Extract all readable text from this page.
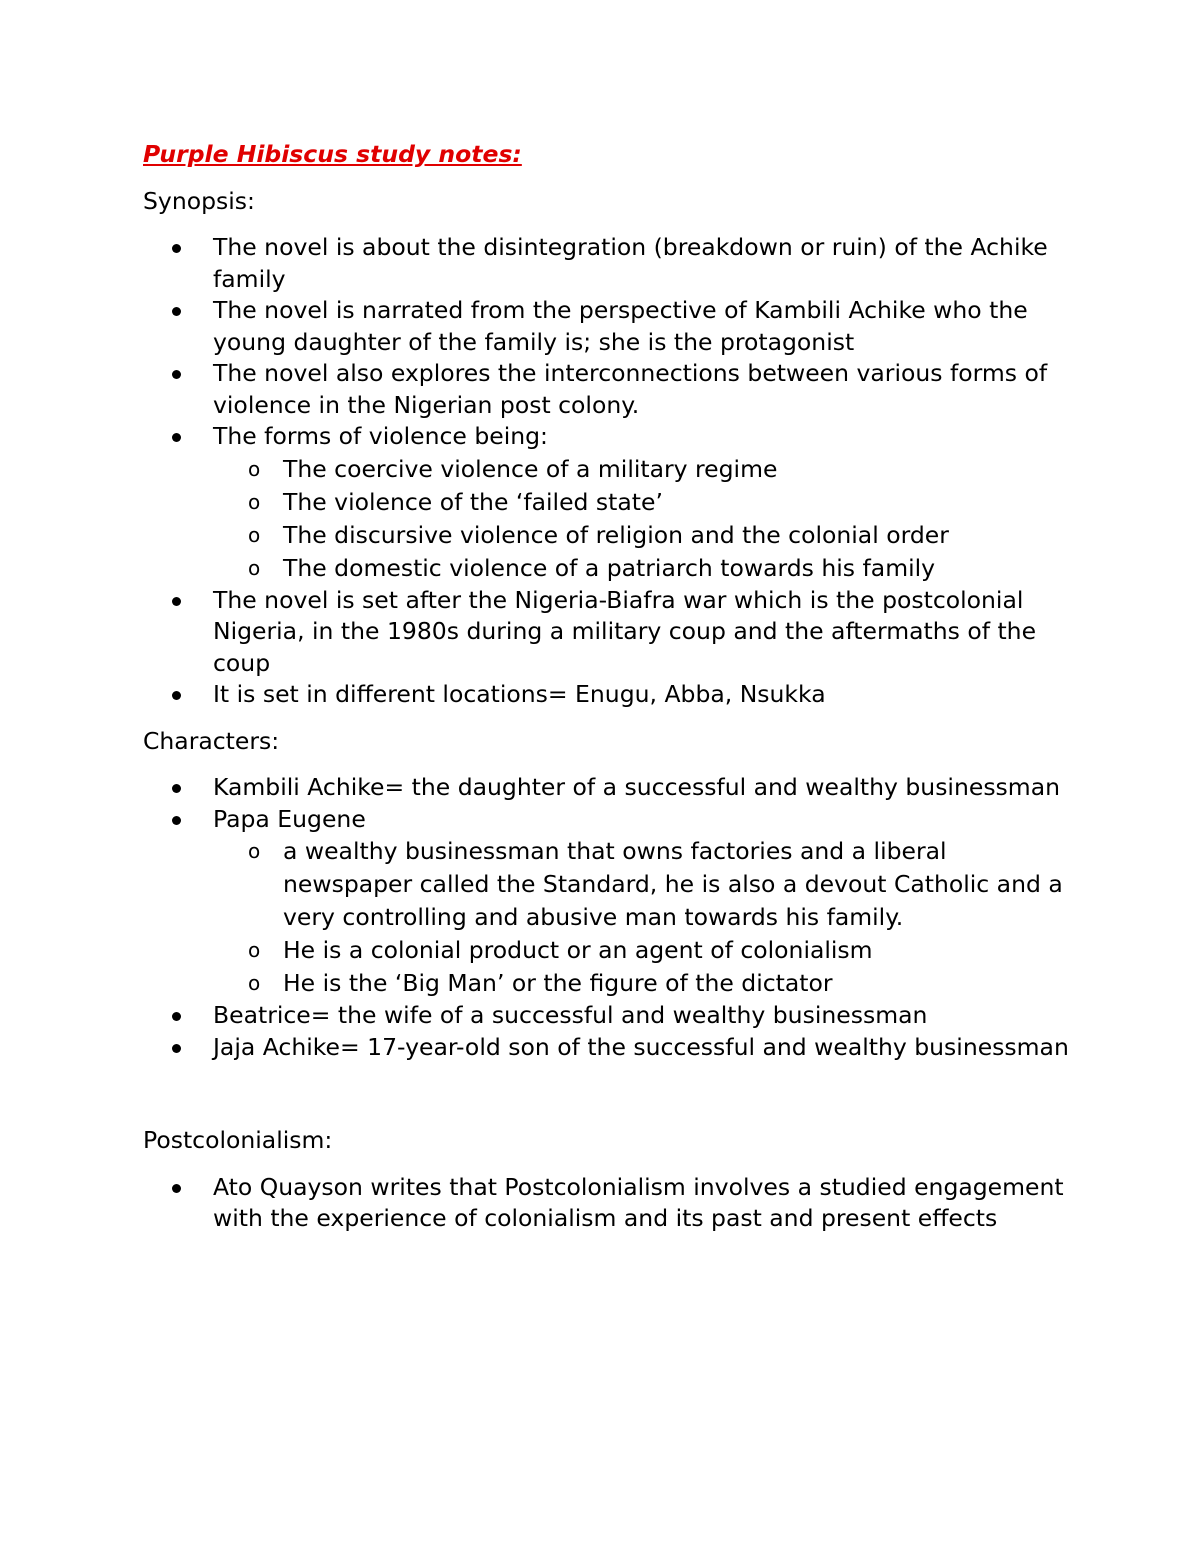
Purple Hibiscus study notes:
Synopsis:
The novel is about the disintegration (breakdown or ruin) of the Achike family
The novel is narrated from the perspective of Kambili Achike who the young daughter of the family is; she is the protagonist
The novel also explores the interconnections between various forms of violence in the Nigerian post colony.
The forms of violence being:
o The coercive violence of a military regime
o The violence of the ‘failed state’
o The discursive violence of religion and the colonial order
o The domestic violence of a patriarch towards his family
The novel is set after the Nigeria-Biafra war which is the postcolonial Nigeria, in the 1980s during a military coup and the aftermaths of the coup
It is set in different locations= Enugu, Abba, Nsukka
Characters:
Kambili Achike= the daughter of a successful and wealthy businessman
Papa Eugene
o a wealthy businessman that owns factories and a liberal newspaper called the Standard, he is also a devout Catholic and a very controlling and abusive man towards his family.
o He is a colonial product or an agent of colonialism
o He is the ‘Big Man’ or the figure of the dictator
Beatrice= the wife of a successful and wealthy businessman
Jaja Achike= 17-year-old son of the successful and wealthy businessman
Postcolonialism:
Ato Quayson writes that Postcolonialism involves a studied engagement with the experience of colonialism and its past and present effects
